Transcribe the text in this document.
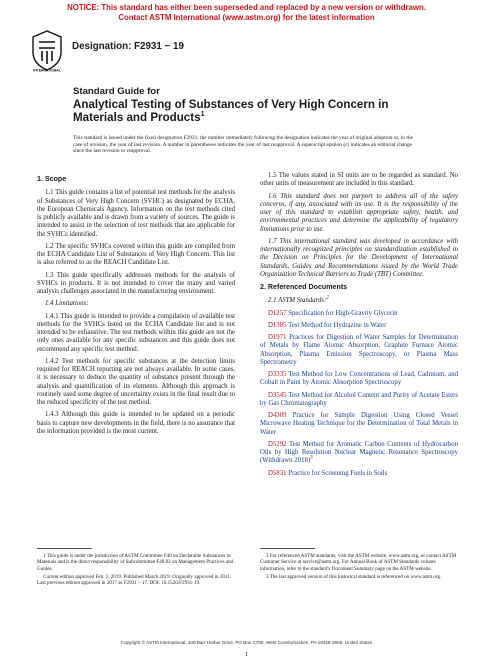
NOTICE: This standard has either been superseded and replaced by a new version or withdrawn.
Contact ASTM International (www.astm.org) for the latest information
INTERNATIONAL
Designation: F2931 − 19
Standard Guide for
Analytical Testing of Substances of Very High Concern in
Materials and Products$^1$
This standard is issued under the fixed designation F2931; the number immediately following the designation indicates the year of original adoption or, in the case of revision, the year of last revision. A number in parentheses indicates the year of last reapproval. A superscript epsilon (ε) indicates an editorial change since the last revision or reapproval.
1. Scope

1.1 This guide contains a list of potential test methods for the analysis of Substances of Very High Concern (SVHC) as designated by ECHA, the European Chemicals Agency. Information on the test methods cited is publicly available and is drawn from a variety of sources. The guide is intended to assist in the selection of test methods that are applicable for the SVHCs identified.

1.2 The specific SVHCs covered within this guide are compiled from the ECHA Candidate List of Substances of Very High Concern. This list is also referred to as the REACH Candidate List.

1.3 This guide specifically addresses methods for the analysis of SVHCs in products. It is not intended to cover the many and varied analysis challenges associated in the manufacturing environment.

1.4 Limitations:

1.4.1 This guide is intended to provide a compilation of available test methods for the SVHCs listed on the ECHA Candidate list and is not intended to be exhaustive. The test methods within this guide are not the only ones available for any specific substances and this guide does not recommend any specific test method.

1.4.2 Test methods for specific substances at the detection limits required for REACH reporting are not always available. In some cases, it is necessary to deduce the quantity of substance present through the analysis and quantification of its elements. Although this approach is routinely used some degree of uncertainty exists in the final result due to the reduced specificity of the test method.

1.4.3 Although this guide is intended to be updated on a periodic basis to capture new developments in the field, there is no assurance that the information provided is the most current.

1.5 The values stated in SI units are to be regarded as standard. No other units of measurement are included in this standard.

1.6 This standard does not purport to address all of the safety concerns, if any, associated with its use. It is the responsibility of the user of this standard to establish appropriate safety, health, and environmental practices and determine the applicability of regulatory limitations prior to use.

1.7 This international standard was developed in accordance with internationally recognized principles on standardization established in the Decision on Principles for the Development of International Standards, Guides and Recommendations issued by the World Trade Organization Technical Barriers to Trade (TBT) Committee.

2. Referenced Documents

2.1 ASTM Standards:$^2$

D1257 Specification for High-Gravity Glycerin

D1385 Test Method for Hydrazine in Water

D1971 Practices for Digestion of Water Samples for Determination of Metals by Flame Atomic Absorption, Graphite Furnace Atomic Absorption, Plasma Emission Spectroscopy, or Plasma Mass Spectrometry

D3335 Test Method for Low Concentrations of Lead, Cadmium, and Cobalt in Paint by Atomic Absorption Spectroscopy

D3545 Test Method for Alcohol Content and Purity of Acetate Esters by Gas Chromatography

D4309 Practice for Sample Digestion Using Closed Vessel Microwave Heating Technique for the Determination of Total Metals in Water

D5292 Test Method for Aromatic Carbon Contents of Hydrocarbon Oils by High Resolution Nuclear Magnetic Resonance Spectroscopy (Withdrawn 2018)$^3$

D5831 Practice for Screening Fuels in Soils

1 This guide is under the jurisdiction of ASTM Committee F40 on Declarable Substances in Materials and is the direct responsibility of Subcommittee F40.02 on Management Practices and Guides.

Current edition approved Feb. 1, 2019. Published March 2019. Originally approved in 2011. Last previous edition approved in 2017 as F2931 – 17. DOI: 10.1520/F2931-19.

2 For referenced ASTM standards, visit the ASTM website, www.astm.org, or contact ASTM Customer Service at service@astm.org. For Annual Book of ASTM Standards volume information, refer to the standard's Document Summary page on the ASTM website.

3 The last approved version of this historical standard is referenced on www.astm.org.

Copyright © ASTM International, 100 Barr Harbor Drive, PO Box C700, West Conshohocken, PA 19428-2959. United States
1
